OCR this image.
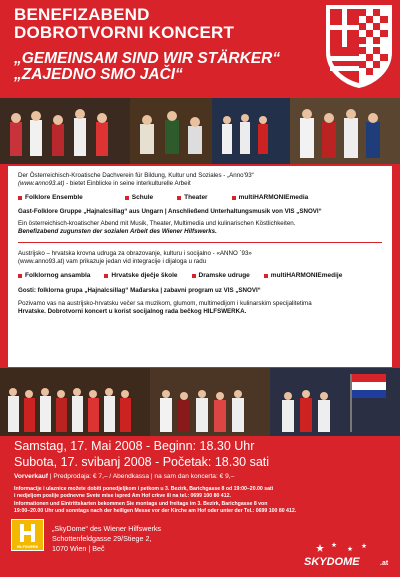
BENEFIZABEND
DOBROTVORNI KONCERT
„GEMEINSAM SIND WIR STÄRKER“
„ZAJEDNO SMO JAČI“
Der Österreichisch-Kroatische Dachverein für Bildung, Kultur und Soziales - „Anno'93“
(www.anno93.at) - bietet Einblicke in seine interkulturelle Arbeit
Folklore Ensemble	Schule	Theater	multiHARMONIEmedia
Gast-Folklore Gruppe „Hajnalcsillag“ aus Ungarn | Anschließend Unterhaltungsmusik von VIS „SNOVI“
Ein österreichisch-kroatischer Abend mit Musik, Theater, Multimedia und kulinarischen Köstlichkeiten.
Benefizabend zugunsten der sozialen Arbeit des Wiener Hilfswerks.
Austrijsko – hrvatska krovna udruga za obrazovanje, kulturu i socijalno - «ANNO `93»
(www.anno93.at) vam prikazuje jedan vid integracije i dijaloga u radu
Folklornog ansambla	Hrvatske dječje škole	Dramske udruge	multiHARMONIEmedije
Gosti: folklorna grupa „Hajnalcsillag“ Mađarska | zabavni program uz VIS „SNOVI“
Pozivamo vas na austrijsko-hrvatsku večer sa muzikom, glumom, multimedijom i kulinarskim specijalitetima
Hrvatske. Dobrotvorni koncert u korist socijalnog rada bečkog HILFSWERKA.
Samstag, 17. Mai 2008 - Beginn: 18.30 Uhr
Subota, 17. svibanj 2008 - Početak: 18.30 sati
Vorverkauf | Predprodaja: € 7,– / Abendkassa | na sam dan koncerta: € 9,–
Informacije i ulaznice možete dobiti ponedjeljkom i petkom u 3. Bezirk, Barichgasse 8 od 19:00–20.00 sati
i nedjeljom poslije podnevne Svete mise ispred Am Hof crkve ili na tel.: 0699 100 80 412.
Informationen und Eintrittskarten bekommen Sie montags und freitags im 3. Bezirk, Barichgasse 8 von
19:00–20.00 Uhr und sonntags nach der heiligen Messe vor der Kirche am Hof oder unter der Tel.: 0699 100 80 412.
HILFSWERK
„SkyDome“ des Wiener Hilfswerks
Schottenfeldgasse 29/Stiege 2,
1070 Wien | Beč
SKYDOME	.at
